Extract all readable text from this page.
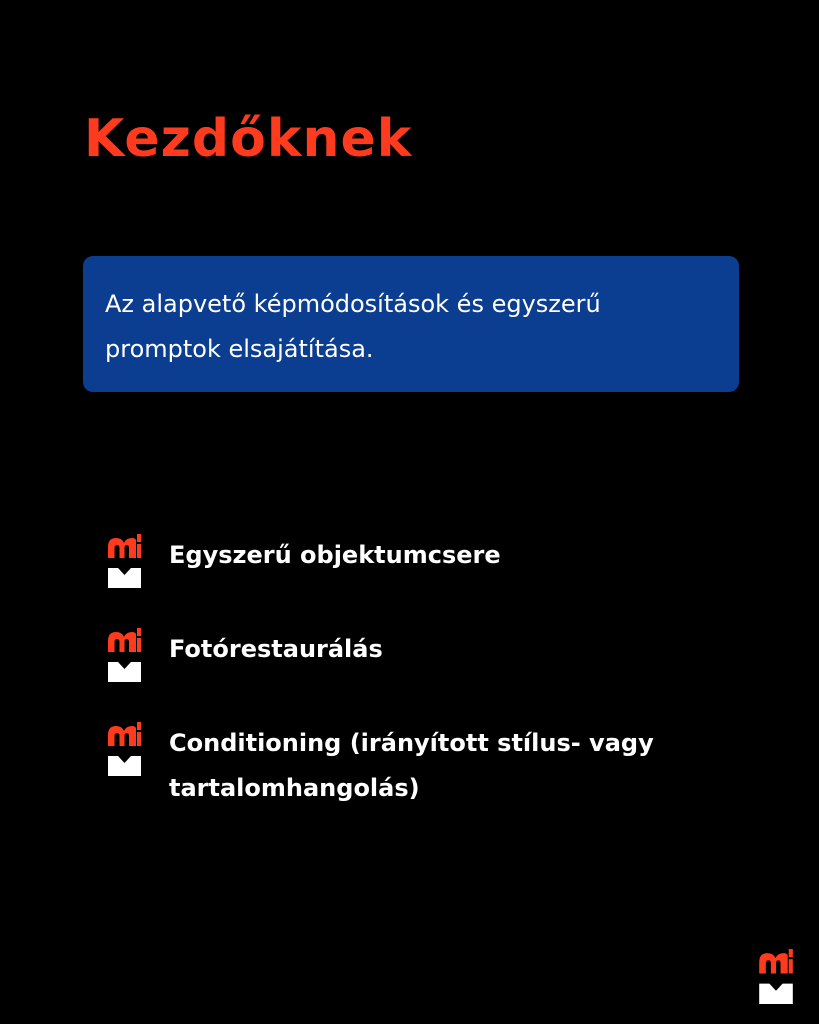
Kezdőknek

Az alapvető képmódosítások és egyszerű promptok elsajátítása.

Egyszerű objektumcsere
Fotórestaurálás
Conditioning (irányított stílus- vagy tartalomhangolás)
